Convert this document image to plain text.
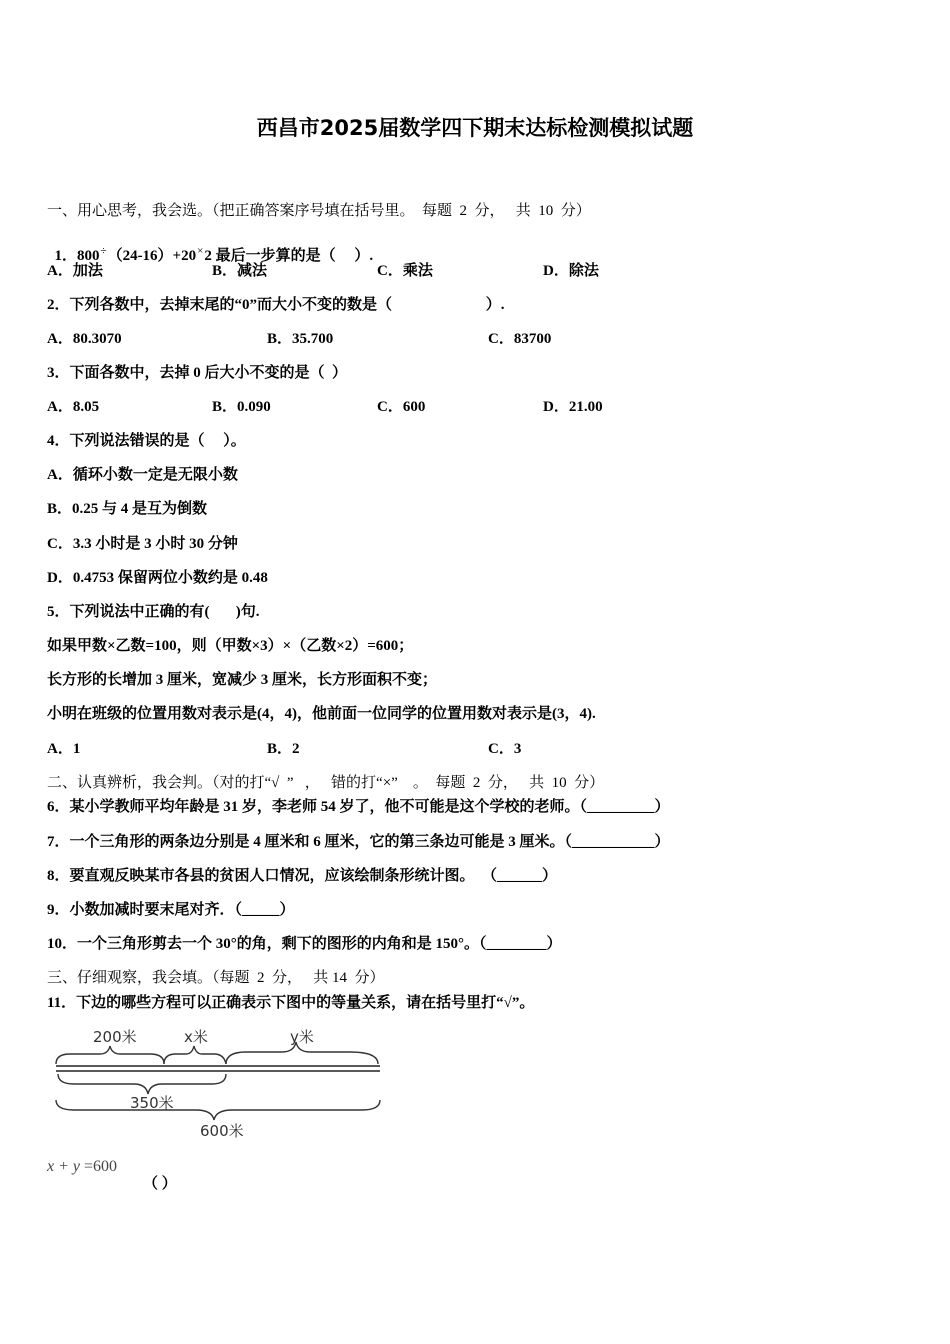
西昌市2025届数学四下期末达标检测模拟试题
一、用心思考，我会选。（把正确答案序号填在括号里。  每题  2  分，   共  10  分）

1．800÷（24-16）+20×2 最后一步算的是（     ）.

A．加法	B．减法	C．乘法	D．除法
2．下列各数中，去掉末尾的“0”而大小不变的数是（                         ）.
A．80.3070	B．35.700	C．83700
3．下面各数中，去掉 0 后大小不变的是（  ）
A．8.05	B．0.090	C．600	D．21.00
4．下列说法错误的是（     ）。
A．循环小数一定是无限小数
B．0.25 与 4 是互为倒数
C．3.3 小时是 3 小时 30 分钟
D．0.4753 保留两位小数约是 0.48
5．下列说法中正确的有(       )句.
如果甲数×乙数=100，则（甲数×3）×（乙数×2）=600；
长方形的长增加 3 厘米，宽减少 3 厘米，长方形面积不变；
小明在班级的位置用数对表示是(4，4)，他前面一位同学的位置用数对表示是(3，4).
A．1	B．2	C．3
二、认真辨析，我会判。（对的打“√  ”   ，   错的打“×”    。  每题  2  分，   共  10  分）
6．某小学教师平均年龄是 31 岁，李老师 54 岁了，他不可能是这个学校的老师。（_________）
7．一个三角形的两条边分别是 4 厘米和 6 厘米，它的第三条边可能是 3 厘米。（___________）
8．要直观反映某市各县的贫困人口情况，应该绘制条形统计图。  （______）
9．小数加减时要末尾对齐．（_____）
10．一个三角形剪去一个 30°的角，剩下的图形的内角和是 150°。（________）
三、仔细观察，我会填。（每题  2  分，   共 14  分）
11．下边的哪些方程可以正确表示下图中的等量关系，请在括号里打“√”。
200米	x米	y米
350米
600米
x + y =600
（ ）
